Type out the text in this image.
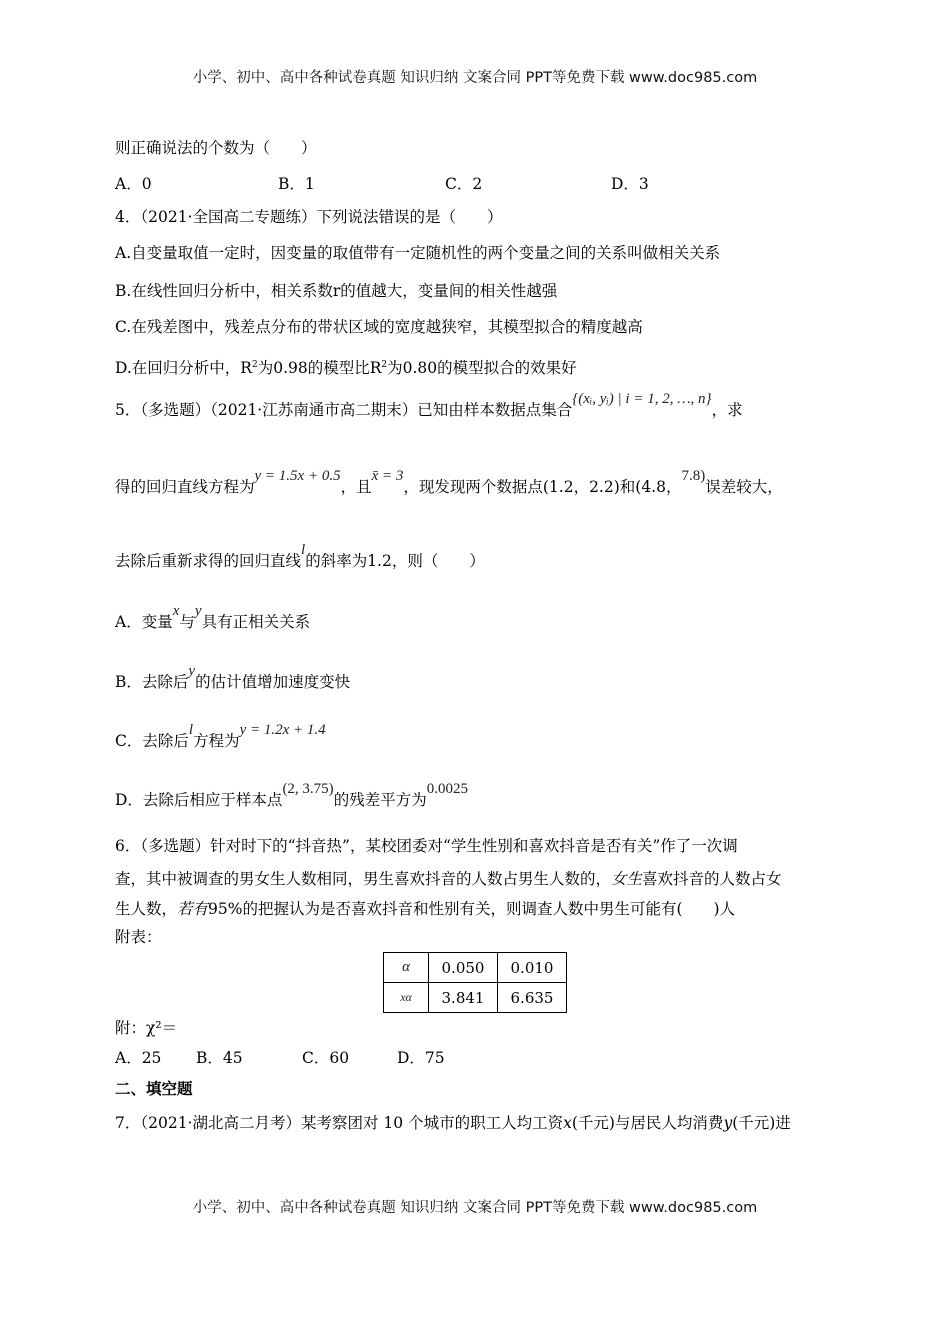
小学、初中、高中各种试卷真题 知识归纳 文案合同 PPT等免费下载 www.doc985.com
则正确说法的个数为（　　）
A．0	B．1	C．2	D．3
4．（2021·全国高二专题练）下列说法错误的是（　　）
A.自变量取值一定时，因变量的取值带有一定随机性的两个变量之间的关系叫做相关关系
B.在线性回归分析中，相关系数r的值越大，变量间的相关性越强
C.在残差图中，残差点分布的带状区域的宽度越狭窄，其模型拟合的精度越高
D.在回归分析中，$R^2$为0.98的模型比$R^2$为0.80的模型拟合的效果好
5．（多选题）（2021·江苏南通市高二期末）已知由样本数据点集合{(xᵢ, yᵢ) | i = 1, 2, …, n}，求
得的回归直线方程为y = 1.5x + 0.5，且x̄ = 3，现发现两个数据点(1.2，2.2)和(4.8，7.8)误差较大，
去除后重新求得的回归直线l的斜率为1.2，则（　　）
A．变量x与y具有正相关关系
B．去除后y的估计值增加速度变快
C．去除后l方程为y = 1.2x + 1.4
D．去除后相应于样本点(2, 3.75)的残差平方为0.0025
6．（多选题）针对时下的“抖音热”，某校团委对“学生性别和喜欢抖音是否有关”作了一次调
查，其中被调查的男女生人数相同，男生喜欢抖音的人数占男生人数的，女生喜欢抖音的人数占女
生人数，若有95%的把握认为是否喜欢抖音和性别有关，则调查人数中男生可能有(　　)人
附表：
α	0.050	0.010
xα	3.841	6.635
附：χ²＝
A．25 B．45	C．60	D．75
二、填空题
7．（2021·湖北高二月考）某考察团对 10 个城市的职工人均工资x(千元)与居民人均消费y(千元)进
小学、初中、高中各种试卷真题 知识归纳 文案合同 PPT等免费下载 www.doc985.com
